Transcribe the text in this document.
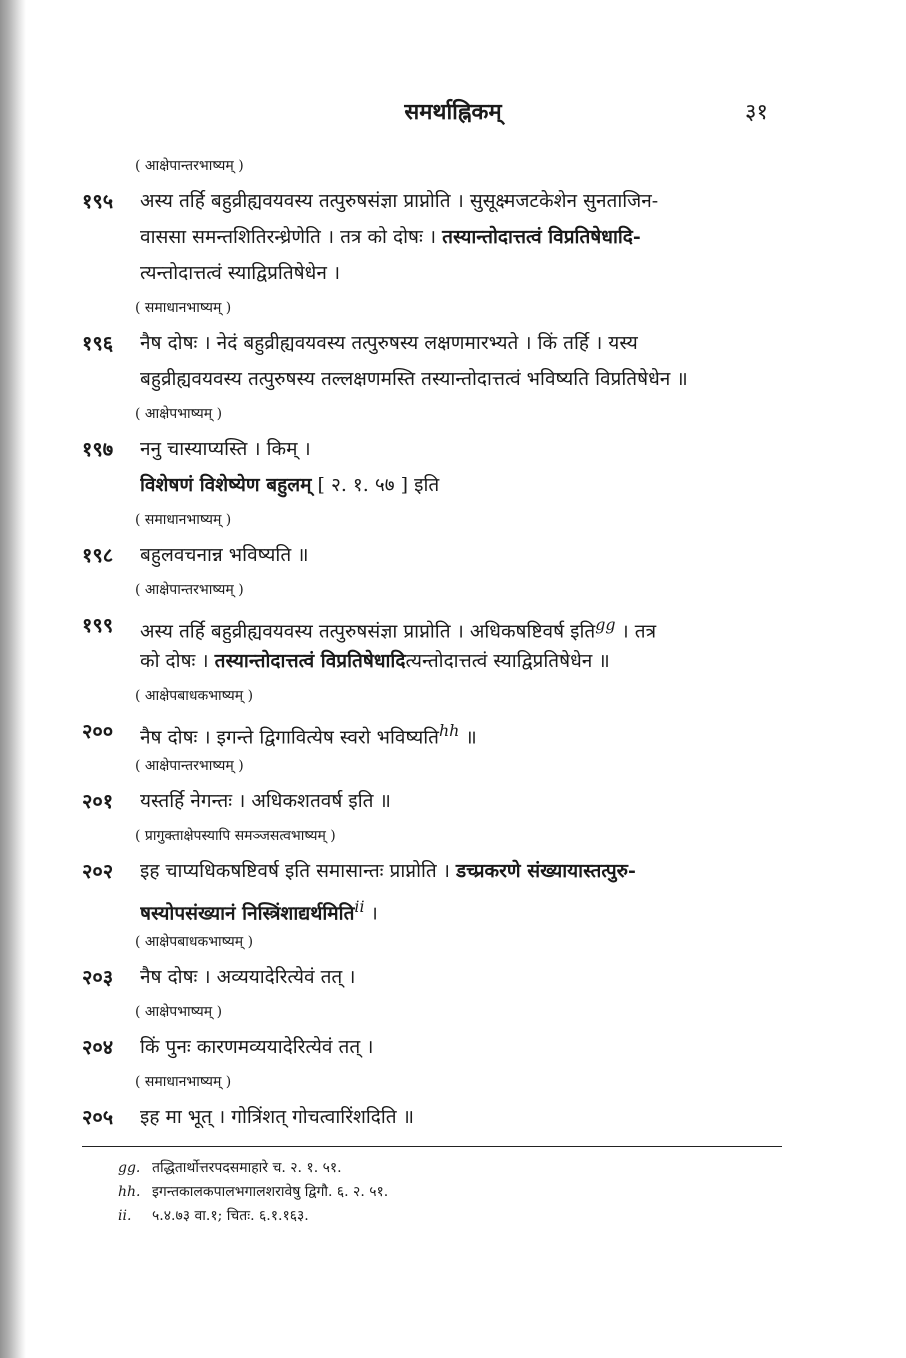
समर्थाह्निकम्	३१
( आक्षेपान्तरभाष्यम् )
१९५ अस्य तर्हि बहुव्रीह्यवयवस्य तत्पुरुषसंज्ञा प्राप्नोति । सुसूक्ष्मजटकेशेन सुनताजिन-
वाससा समन्तशितिरन्ध्रेणेति । तत्र को दोषः । तस्यान्तोदात्तत्वं विप्रतिषेधादि-
त्यन्तोदात्तत्वं स्याद्विप्रतिषेधेन ।
( समाधानभाष्यम् )
१९६ नैष दोषः । नेदं बहुव्रीह्यवयवस्य तत्पुरुषस्य लक्षणमारभ्यते । किं तर्हि । यस्य
बहुव्रीह्यवयवस्य तत्पुरुषस्य तल्लक्षणमस्ति तस्यान्तोदात्तत्वं भविष्यति विप्रतिषेधेन ॥
( आक्षेपभाष्यम् )
१९७ ननु चास्याप्यस्ति । किम् ।
विशेषणं विशेष्येण बहुलम् [ २. १. ५७ ] इति
( समाधानभाष्यम् )
१९८ बहुलवचनान्न भविष्यति ॥
( आक्षेपान्तरभाष्यम् )
१९९ अस्य तर्हि बहुव्रीह्यवयवस्य तत्पुरुषसंज्ञा प्राप्नोति । अधिकषष्टिवर्ष इति$^{gg}$ । तत्र
को दोषः । तस्यान्तोदात्तत्वं विप्रतिषेधादित्यन्तोदात्तत्वं स्याद्विप्रतिषेधेन ॥
( आक्षेपबाधकभाष्यम् )
२०० नैष दोषः । इगन्ते द्विगावित्येष स्वरो भविष्यति$^{hh}$ ॥
( आक्षेपान्तरभाष्यम् )
२०१ यस्तर्हि नेगन्तः । अधिकशतवर्ष इति ॥
( प्रागुक्ताक्षेपस्यापि समञ्जसत्वभाष्यम् )
२०२ इह चाप्यधिकषष्टिवर्ष इति समासान्तः प्राप्नोति । डच्प्रकरणे संख्यायास्तत्पुरु-
षस्योपसंख्यानं निस्त्रिंशाद्यर्थमिति$^{ii}$ ।
( आक्षेपबाधकभाष्यम् )
२०३ नैष दोषः । अव्ययादेरित्येवं तत् ।
( आक्षेपभाष्यम् )
२०४ किं पुनः कारणमव्ययादेरित्येवं तत् ।
( समाधानभाष्यम् )
२०५ इह मा भूत् । गोत्रिंशत् गोचत्वारिंशदिति ॥
gg. तद्धितार्थोत्तरपदसमाहारे च. २. १. ५१.
hh. इगन्तकालकपालभगालशरावेषु द्विगौ. ६. २. ५१.
ii. ५.४.७३ वा.१; चितः. ६.१.१६३.
